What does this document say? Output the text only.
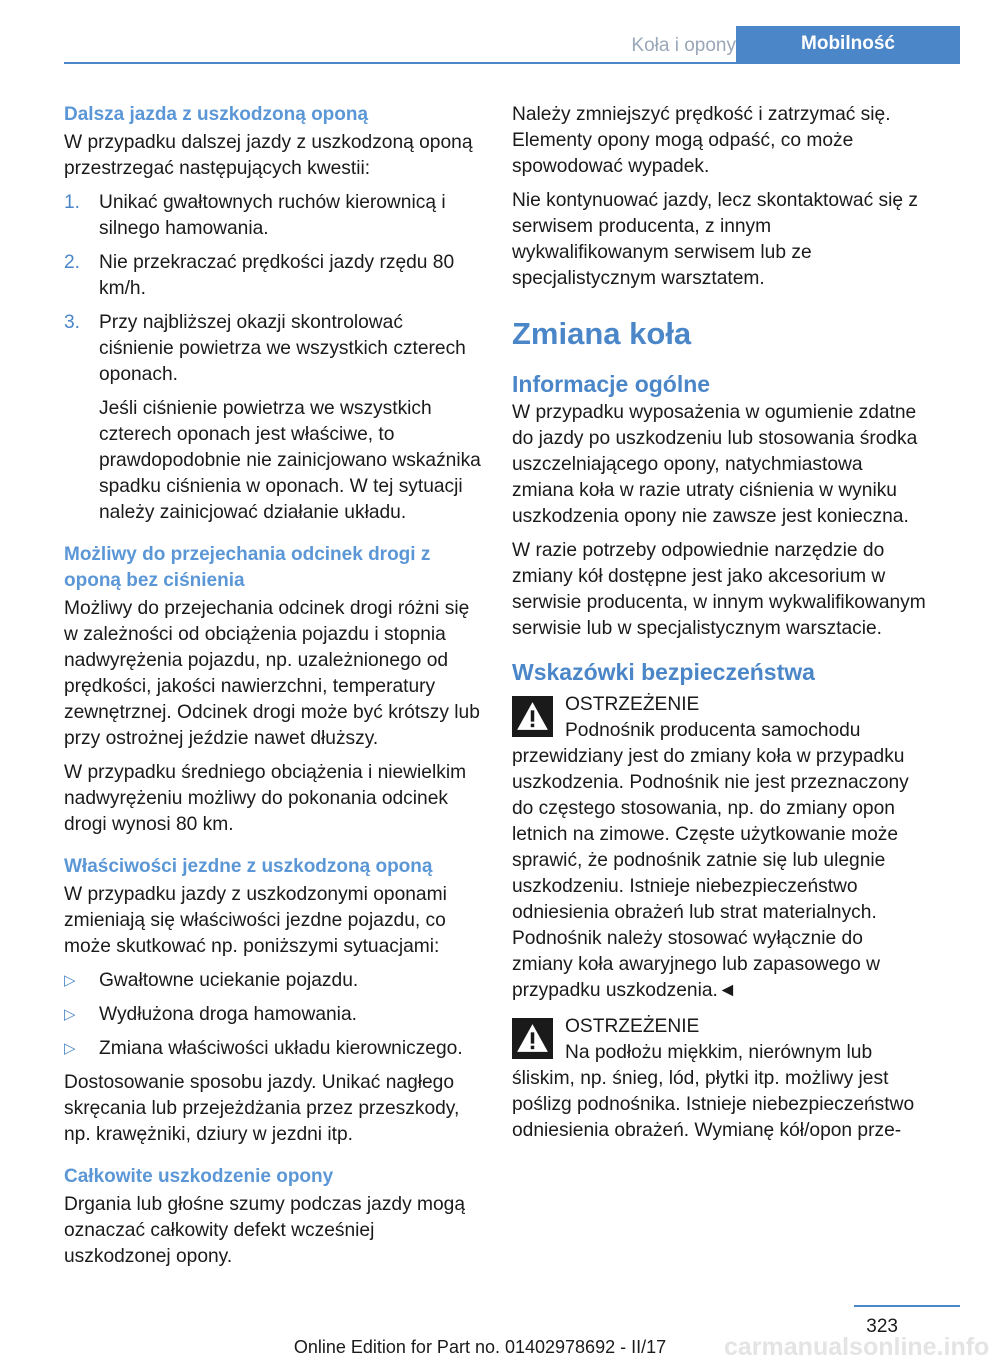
Koła i opony	Mobilność
Dalsza jazda z uszkodzoną oponą

W przypadku dalszej jazdy z uszkodzoną oponą przestrzegać następujących kwestii:

1. Unikać gwałtownych ruchów kierownicą i silnego hamowania.
2. Nie przekraczać prędkości jazdy rzędu 80 km/h.
3. Przy najbliższej okazji skontrolować ciśnienie powietrza we wszystkich czterech oponach.
Jeśli ciśnienie powietrza we wszystkich czterech oponach jest właściwe, to prawdopodobnie nie zainicjowano wskaźnika spadku ciśnienia w oponach. W tej sytuacji należy zainicjować działanie układu.
Możliwy do przejechania odcinek drogi z oponą bez ciśnienia

Możliwy do przejechania odcinek drogi różni się w zależności od obciążenia pojazdu i stopnia nadwyrężenia pojazdu, np. uzależnionego od prędkości, jakości nawierzchni, temperatury zewnętrznej. Odcinek drogi może być krótszy lub przy ostrożnej jeździe nawet dłuższy.

W przypadku średniego obciążenia i niewielkim nadwyrężeniu możliwy do pokonania odcinek drogi wynosi 80 km.

Właściwości jezdne z uszkodzoną oponą

W przypadku jazdy z uszkodzonymi oponami zmieniają się właściwości jezdne pojazdu, co może skutkować np. poniższymi sytuacjami:

▷ Gwałtowne uciekanie pojazdu.
▷ Wydłużona droga hamowania.
▷ Zmiana właściwości układu kierowniczego.

Dostosowanie sposobu jazdy. Unikać nagłego skręcania lub przejeżdżania przez przeszkody, np. krawężniki, dziury w jezdni itp.

Całkowite uszkodzenie opony

Drgania lub głośne szumy podczas jazdy mogą oznaczać całkowity defekt wcześniej uszkodzonej opony.

Należy zmniejszyć prędkość i zatrzymać się. Elementy opony mogą odpaść, co może spowodować wypadek.

Nie kontynuować jazdy, lecz skontaktować się z serwisem producenta, z innym wykwalifikowanym serwisem lub ze specjalistycznym warsztatem.

Zmiana koła
Informacje ogólne

W przypadku wyposażenia w ogumienie zdatne do jazdy po uszkodzeniu lub stosowania środka uszczelniającego opony, natychmiastowa zmiana koła w razie utraty ciśnienia w wyniku uszkodzenia opony nie zawsze jest konieczna.

W razie potrzeby odpowiednie narzędzie do zmiany kół dostępne jest jako akcesorium w serwisie producenta, w innym wykwalifikowanym serwisie lub w specjalistycznym warsztacie.

Wskazówki bezpieczeństwa
OSTRZEŻENIE
Podnośnik producenta samochodu przewidziany jest do zmiany koła w przypadku uszkodzenia. Podnośnik nie jest przeznaczony do częstego stosowania, np. do zmiany opon letnich na zimowe. Częste użytkowanie może sprawić, że podnośnik zatnie się lub ulegnie uszkodzeniu. Istnieje niebezpieczeństwo odniesienia obrażeń lub strat materialnych. Podnośnik należy stosować wyłącznie do zmiany koła awaryjnego lub zapasowego w przypadku uszkodzenia.◄
OSTRZEŻENIE
Na podłożu miękkim, nierównym lub śliskim, np. śnieg, lód, płytki itp. możliwy jest poślizg podnośnika. Istnieje niebezpieczeństwo odniesienia obrażeń. Wymianę kół/opon prze-
323
carmanualsonline.info
Online Edition for Part no. 01402978692 - II/17
